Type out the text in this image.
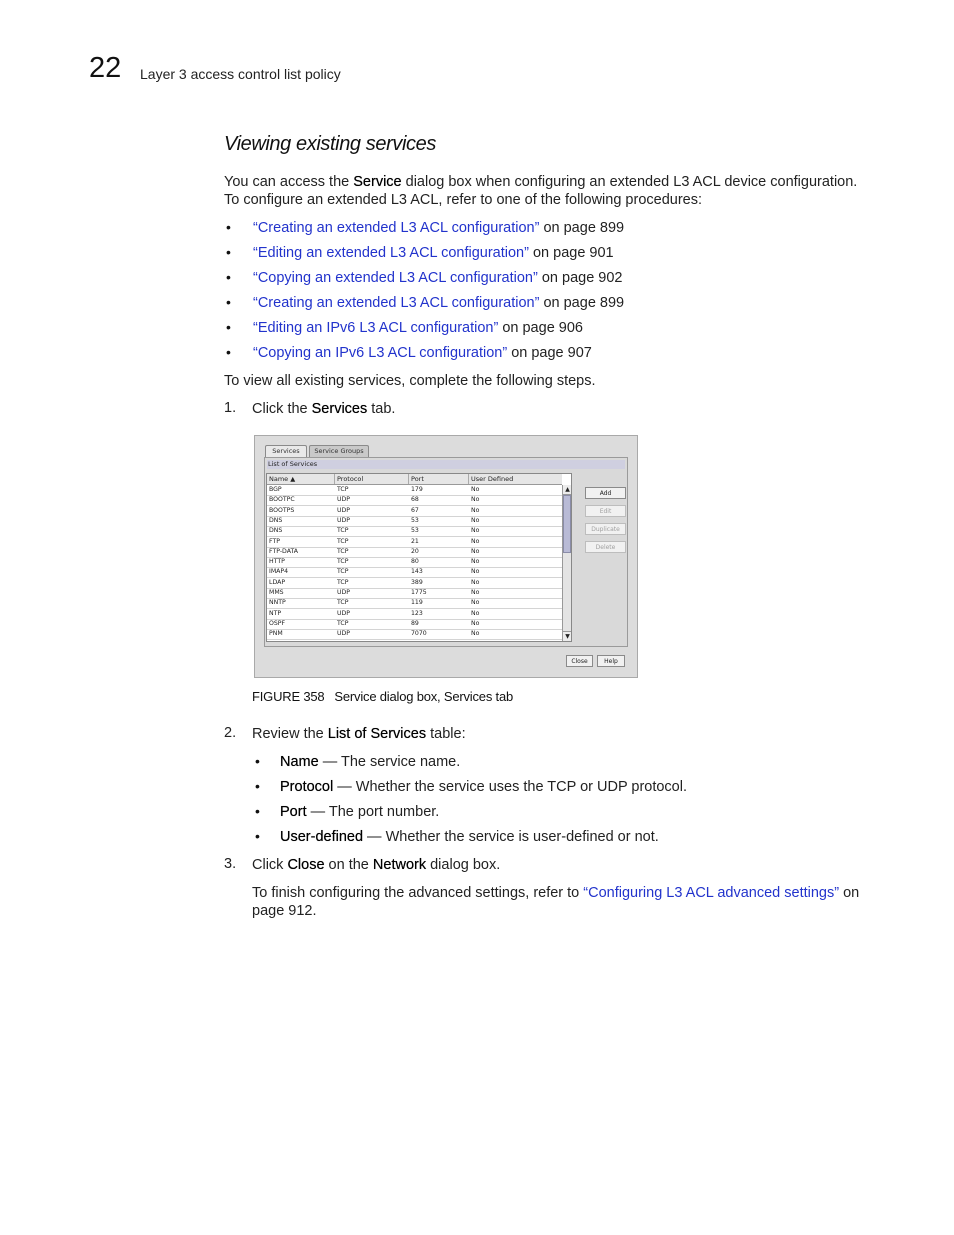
22 Layer 3 access control list policy
Viewing existing services
You can access the Service dialog box when configuring an extended L3 ACL device configuration.
To configure an extended L3 ACL, refer to one of the following procedures:
• “Creating an extended L3 ACL configuration” on page 899
• “Editing an extended L3 ACL configuration” on page 901
• “Copying an extended L3 ACL configuration” on page 902
• “Creating an extended L3 ACL configuration” on page 899
• “Editing an IPv6 L3 ACL configuration” on page 906
• “Copying an IPv6 L3 ACL configuration” on page 907
To view all existing services, complete the following steps.
1. Click the Services tab.
Services	Service Groups
List of Services
Name ▲	Protocol	Port	User Defined
BGP	TCP	179	No
BOOTPC	UDP	68	No
BOOTPS	UDP	67	No
DNS	UDP	53	No
DNS	TCP	53	No
FTP	TCP	21	No
FTP-DATA	TCP	20	No
HTTP	TCP	80	No
IMAP4	TCP	143	No
LDAP	TCP	389	No
MMS	UDP	1775	No
NNTP	TCP	119	No
NTP	UDP	123	No
OSPF	TCP	89	No
PNM	UDP	7070	No
▲
▼
Add
Edit
Duplicate
Delete
Close	Help
FIGURE 358 Service dialog box, Services tab
2. Review the List of Services table:
• Name — The service name.
• Protocol — Whether the service uses the TCP or UDP protocol.
• Port — The port number.
• User-defined — Whether the service is user-defined or not.
3. Click Close on the Network dialog box.
To finish configuring the advanced settings, refer to “Configuring L3 ACL advanced settings” on
page 912.
